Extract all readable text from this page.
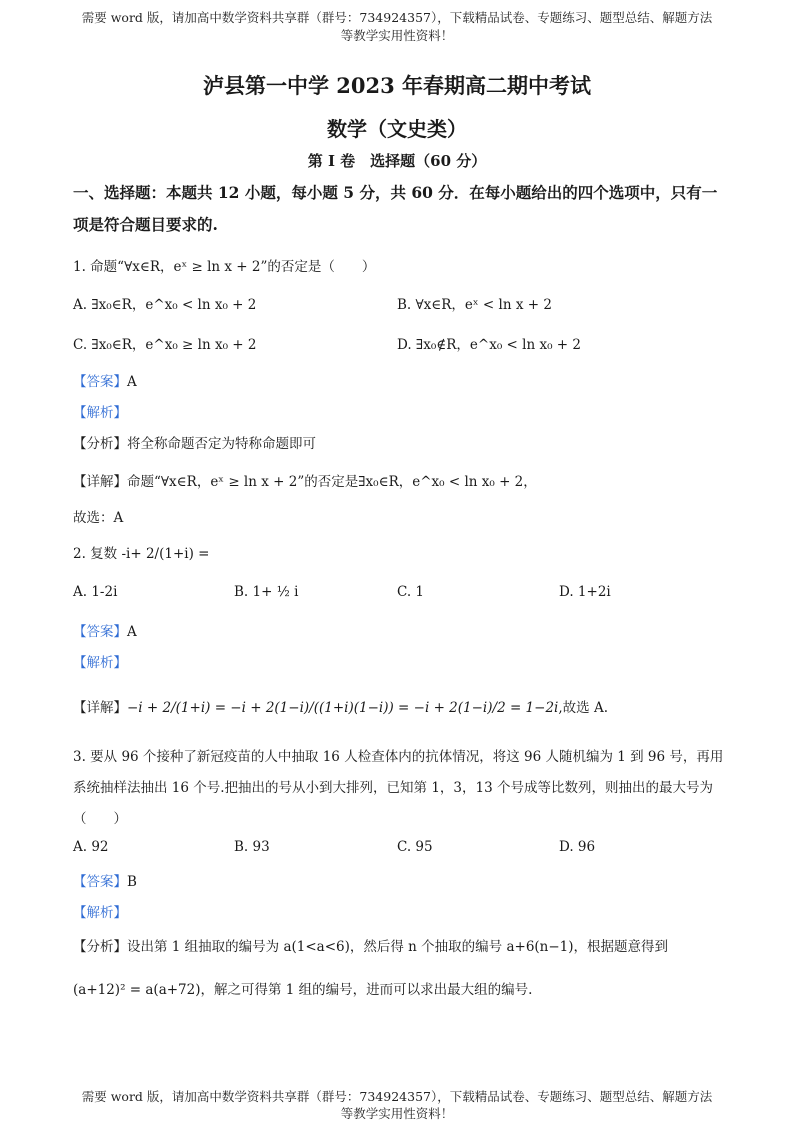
需要 word 版，请加高中数学资料共享群（群号：734924357），下载精品试卷、专题练习、题型总结、解题方法
等教学实用性资料！
泸县第一中学 2023 年春期高二期中考试
数学（文史类）
第 I 卷　选择题（60 分）
一、选择题：本题共 12 小题，每小题 5 分，共 60 分．在每小题给出的四个选项中，只有一
项是符合题目要求的.
1. 命题“∀x∈R，eˣ ≥ ln x + 2”的否定是（　　）
A. ∃x₀∈R，e^x₀ < ln x₀ + 2	B. ∀x∈R，eˣ < ln x + 2
C. ∃x₀∈R，e^x₀ ≥ ln x₀ + 2	D. ∃x₀∉R，e^x₀ < ln x₀ + 2
【答案】A
【解析】
【分析】将全称命题否定为特称命题即可
【详解】命题“∀x∈R，eˣ ≥ ln x + 2”的否定是∃x₀∈R，e^x₀ < ln x₀ + 2，
故选：A
2. 复数 -i+ 2/(1+i) =
A. 1-2i	B. 1+ ½ i	C. 1	D. 1+2i
【答案】A
【解析】
【详解】−i + 2/(1+i) = −i + 2(1−i)/((1+i)(1−i)) = −i + 2(1−i)/2 = 1−2i,故选 A.
3. 要从 96 个接种了新冠疫苗的人中抽取 16 人检查体内的抗体情况，将这 96 人随机编为 1 到 96 号，再用
系统抽样法抽出 16 个号.把抽出的号从小到大排列，已知第 1，3，13 个号成等比数列，则抽出的最大号为
（　　）
A. 92	B. 93	C. 95	D. 96
【答案】B
【解析】
【分析】设出第 1 组抽取的编号为 a(1<a<6)，然后得 n 个抽取的编号 a+6(n−1)，根据题意得到
(a+12)² = a(a+72)，解之可得第 1 组的编号，进而可以求出最大组的编号.
需要 word 版，请加高中数学资料共享群（群号：734924357），下载精品试卷、专题练习、题型总结、解题方法
等教学实用性资料！
